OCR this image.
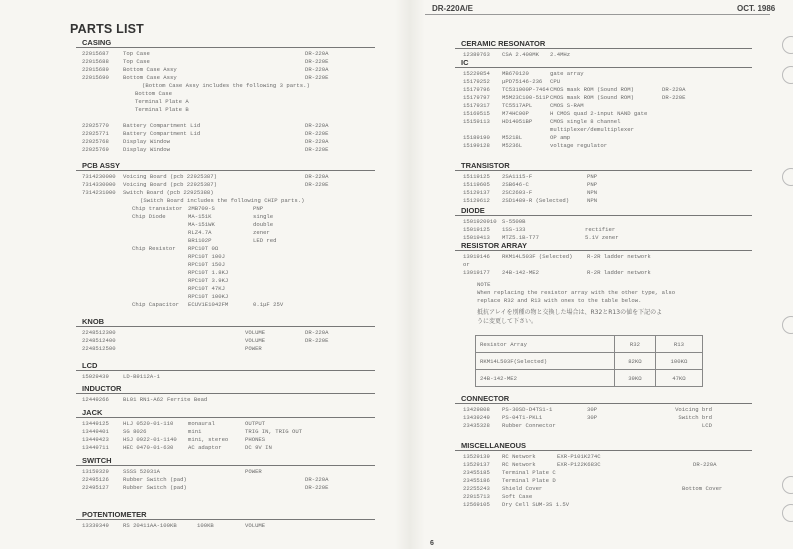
DR-220A/E	OCT. 1986
PARTS LIST
CASING
22015687	Top Case	DR-220A
22015688	Top Case	DR-220E
22015689	Bottom Case Assy	DR-220A
22015690	Bottom Case Assy	DR-220E
(Bottom Case Assy includes the following 3 parts.)
Bottom Case
Terminal Plate A
Terminal Plate B
22025770	Battery Compartment Lid	DR-220A
22025771	Battery Compartment Lid	DR-220E
22025768	Display Window	DR-220A
22025769	Display Window	DR-220E
PCB ASSY
7314230000 Voicing Board (pcb 22925387)	DR-220A
7314330000 Voicing Board (pcb 22925387)	DR-220E
7314231000 Switch Board (pcb 22925388)
(Switch Board includes the following CHIP parts.)
Chip transistor 2MB709-S	PNP
Chip Diode	MA-151K	single
MA-151WK	double
RLZ4.7A	zener
BR1102P	LED red
Chip Resistor RPC10T 0Ω
RPC10T 100J
RPC10T 150J
RPC10T 1.8KJ
RPC10T 3.9KJ
RPC10T 47KJ
RPC10T 100KJ
Chip Capacitor ECUV1E1042FM	0.1μF 25V
KNOB
2248512300	VOLUME	DR-220A
2248512400	VOLUME	DR-220E
2248512500	POWER
LCD
15029439	LD-B9112A-1
INDUCTOR
12449266	BL01 RN1-A62 Ferrite Bead
JACK
13449125	HLJ 0520-01-110	monaural	OUTPUT
13449401	SG 8026	mini	TRIG IN, TRIG OUT
13449423	HSJ 0922-01-1140 mini, stereo	PHONES
13449711	HEC 0470-01-630	AC adaptor	DC 9V IN
SWITCH
13159329	SSSS 52031A	POWER
22495126	Rubber Switch (pad)	DR-220A
22495127	Rubber Switch (pad)	DR-220E
POTENTIOMETER
13339349	RS 20411AA-100KB	100KB	VOLUME
CERAMIC RESONATOR
12389763 CSA 2.400MK 2.4MHz
IC
15229854 MB670120	gate array
15179252 μPD75146-236 CPU
15179796 TC531000P-7464 CMOS mask ROM (Sound ROM)	DR-220A
15179797 M5M23C100-511P CMOS mask ROM (Sound ROM)	DR-220E
15179317 TC5517APL	CMOS S-RAM
15169515 M74HC00P	H CMOS quad 2-input NAND gate
15159113 HD14051BP	CMOS single 8 channel
multiplexer/demultiplexer
15189190 M5218L	OP amp
15199128 M5236L	voltage regulator
TRANSISTOR
15119125 2SA1115-F	PNP
15119605 2SB646-C	PNP
15129137 2SC2603-F	NPN
15129612 2SD1489-R (Selected)	NPN
DIODE
1501920910 S-5500B
15019125 1SS-133	rectifier
15019413 MTZ5.1B-T77	5.1V zener
RESISTOR ARRAY
13919146 RKM14L503F (Selected)	R-2R ladder network
or
13919177 24B-142-ME2	R-2R ladder network
CONNECTOR
13429808 PS-30SD-D4TS1-1	30P	Voicing brd
13439249 PS-04T1-PKL1	30P	Switch brd
23435328 Rubber Connector	LCD
MISCELLANEOUS
13529139 RC Network	EXR-P101K274C
13529137 RC Network	EXR-P122K683C	DR-220A
23455185 Terminal Plate C
23455186 Terminal Plate D
22255243 Shield Cover	Bottom Cover
22015713 Soft Case
12569105 Dry Cell SUM-3S 1.5V
NOTE
When replacing the resistor array with the other type, also
replace R32 and R13 with ones to the table below.
抵抗アレイを別種の物と交換した場合は、R32とR13の値を下記のよ
うに変更して下さい。
Resistor Array	R32	R13
RKM14L503F(Selected)	82KΩ	100KΩ
24B-142-ME2	39KΩ	47KΩ
6
